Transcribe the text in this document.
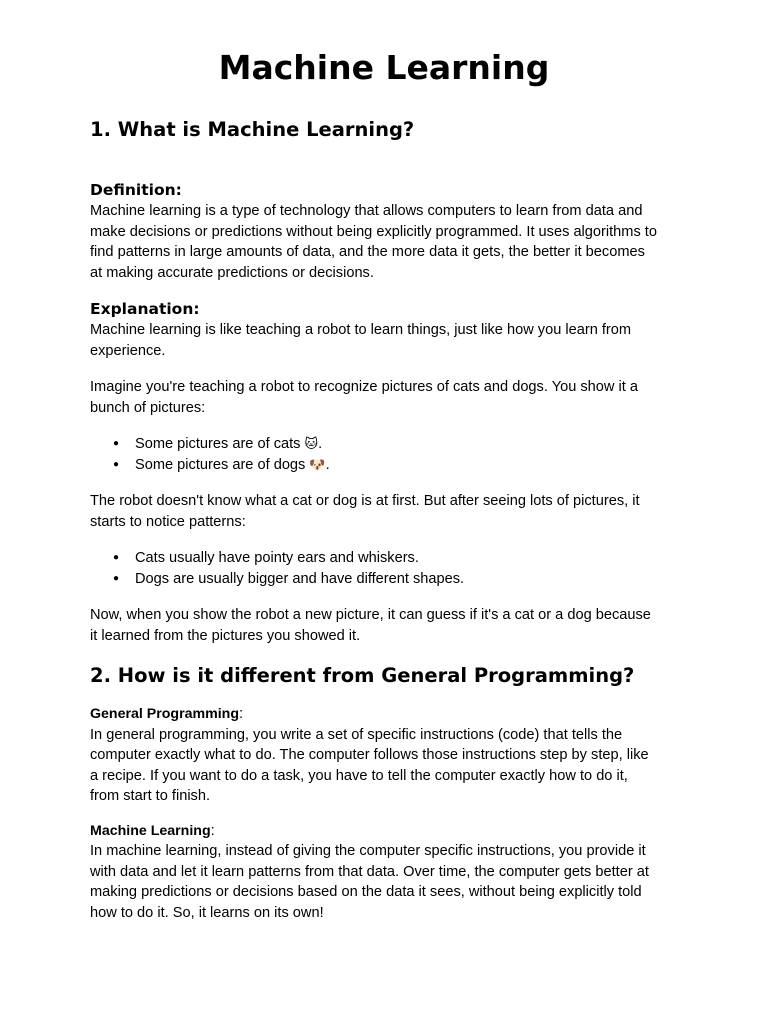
Machine Learning
1. What is Machine Learning?
Definition:

Machine learning is a type of technology that allows computers to learn from data and
make decisions or predictions without being explicitly programmed. It uses algorithms to
find patterns in large amounts of data, and the more data it gets, the better it becomes
at making accurate predictions or decisions.

Explanation:

Machine learning is like teaching a robot to learn things, just like how you learn from
experience.

Imagine you're teaching a robot to recognize pictures of cats and dogs. You show it a
bunch of pictures:

● Some pictures are of cats 🐱.
● Some pictures are of dogs 🐶.

The robot doesn't know what a cat or dog is at first. But after seeing lots of pictures, it
starts to notice patterns:

● Cats usually have pointy ears and whiskers.
● Dogs are usually bigger and have different shapes.

Now, when you show the robot a new picture, it can guess if it's a cat or a dog because
it learned from the pictures you showed it.

2. How is it different from General Programming?

General Programming:
In general programming, you write a set of specific instructions (code) that tells the
computer exactly what to do. The computer follows those instructions step by step, like
a recipe. If you want to do a task, you have to tell the computer exactly how to do it,
from start to finish.

Machine Learning:
In machine learning, instead of giving the computer specific instructions, you provide it
with data and let it learn patterns from that data. Over time, the computer gets better at
making predictions or decisions based on the data it sees, without being explicitly told
how to do it. So, it learns on its own!
